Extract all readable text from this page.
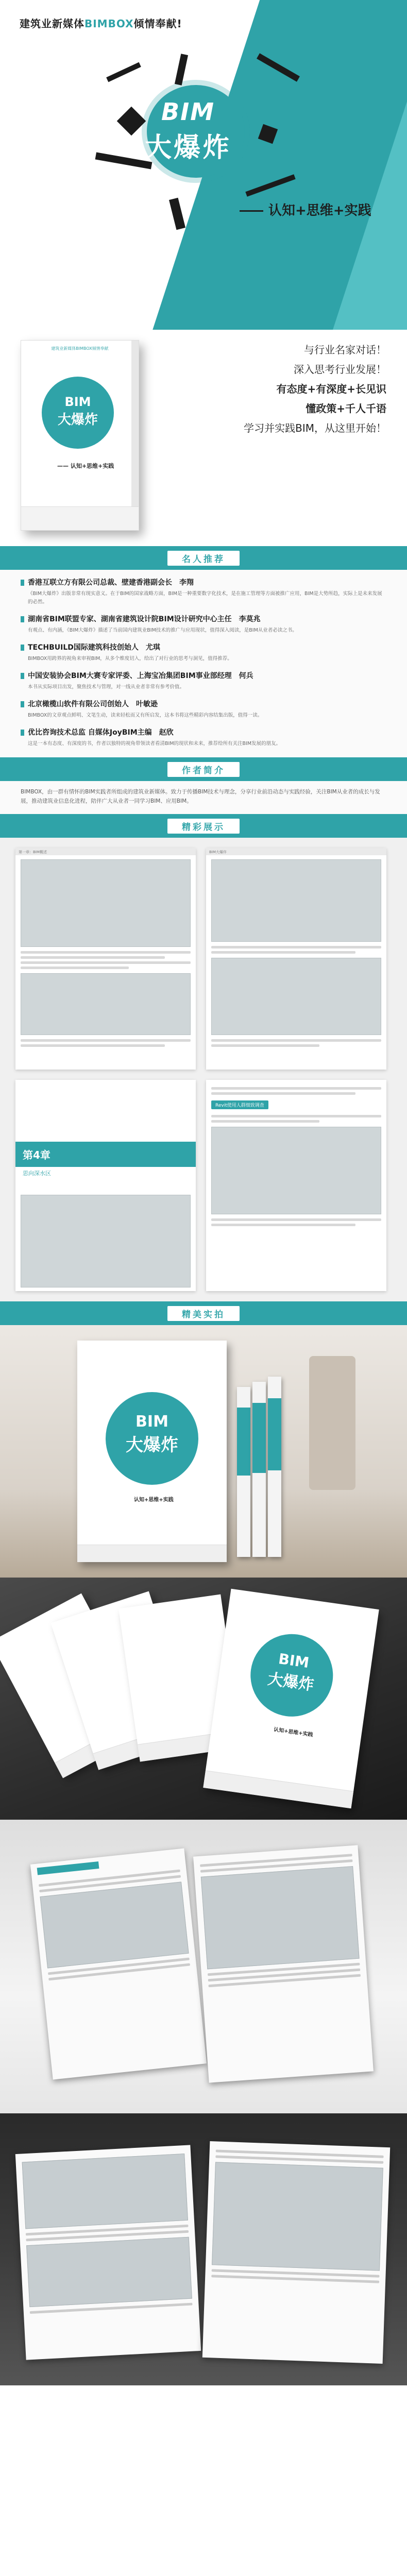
建筑业新媒体BIMBOX倾情奉献!
BIM
大爆炸
认知+思维+实践
建筑业新媒体BIMBOX倾情奉献
BIM
大爆炸
—— 认知+思维+实践
与行业名家对话！
深入思考行业发展！
有态度+有深度+长见识
懂政策+千人千语
学习并实践BIM，从这里开始！
名人推荐
香港互联立方有限公司总裁、壁建香港副会长　李翔
《BIM大爆炸》出版非常有现实意义。在于BIM的国家战略方面，BIM是一种重要数字化技术，是在施工管理等方面被推广应用，BIM是大势所趋，实际上是未来发展的必然。
湖南省BIM联盟专家、湖南省建筑设计院BIM设计研究中心主任　李莫兆
有观点、有内涵，《BIM大爆炸》描述了当前国内建筑业BIM技术的推广与应用现状，值得深入阅读，是BIM从业者必读之书。
TECHBUILD国际建筑科技创始人　尤琪
BIMBOX用跨界的视角来审视BIM，从多个维度切入，给出了对行业的思考与洞见，值得推荐。
中国安装协会BIM大赛专家评委、上海宝冶集团BIM事业部经理　何兵
本书从实际项目出发，聚焦技术与管理，对一线从业者非常有参考价值。
北京橄榄山软件有限公司创始人　叶敏逊
BIMBOX的文章观点鲜明、文笔生动，读来轻松而又有所启发，这本书将这些精彩内容结集出版，值得一读。
优比咨询技术总监 自媒体JoyBIM主编　赵欣
这是一本有态度、有深度的书，作者以独特的视角带领读者看清BIM的现状和未来，推荐给所有关注BIM发展的朋友。
作者简介
BIMBOX，由一群有情怀的BIM实践者所组成的建筑业新媒体。致力于传播BIM技术与理念，分享行业前沿动态与实践经验，关注BIM从业者的成长与发展，推动建筑业信息化进程，陪伴广大从业者一同学习BIM、应用BIM。
精彩展示
第一章：BIM概述	BIM大爆炸
第4章
思向深水区
Revit使用人群细致调查
精美实拍
BIM
大爆炸
认知+思维+实践
BIM
大爆炸
认知+思维+实践
